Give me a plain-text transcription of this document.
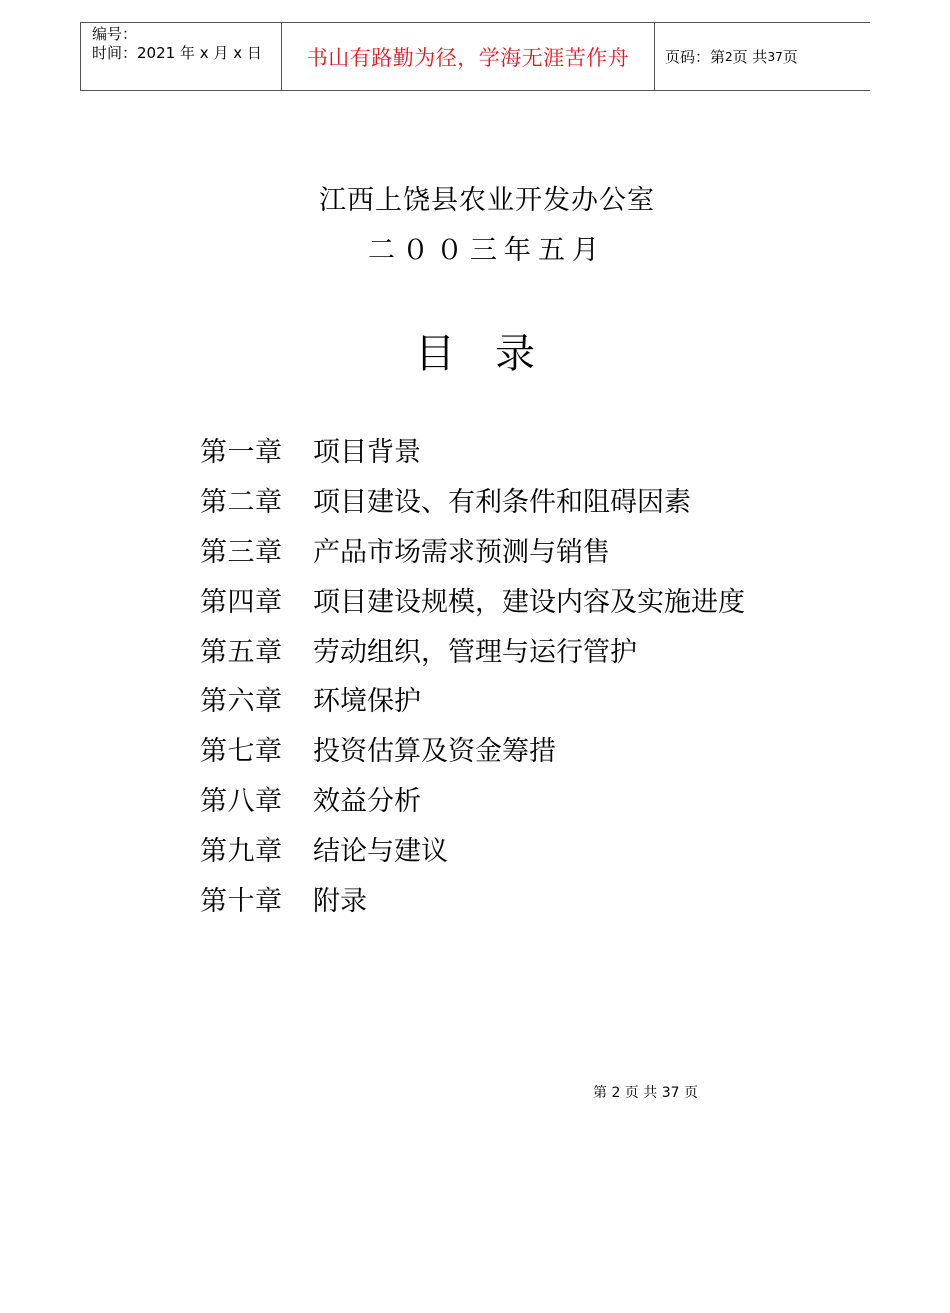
编号：
时间：2021 年 x 月 x 日	书山有路勤为径，学海无涯苦作舟	页码：第 2 页 共 37 页
江西上饶县农业开发办公室
二００三年五月
目录
第一章	项目背景
第二章	项目建设、有利条件和阻碍因素
第三章	产品市场需求预测与销售
第四章	项目建设规模，建设内容及实施进度
第五章	劳动组织，管理与运行管护
第六章	环境保护
第七章	投资估算及资金筹措
第八章	效益分析
第九章	结论与建议
第十章	附录
第 2 页 共 37 页
